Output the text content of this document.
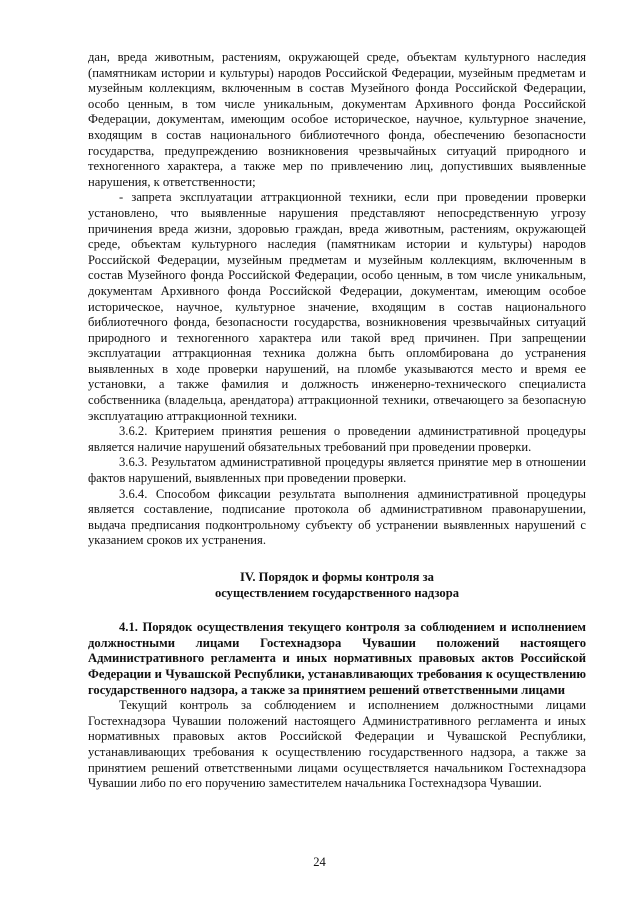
дан, вреда животным, растениям, окружающей среде, объектам культурного наследия (памятникам истории и культуры) народов Российской Федерации, музейным предметам и музейным коллекциям, включенным в состав Музейного фонда Российской Федерации, особо ценным, в том числе уникальным, документам Архивного фонда Российской Федерации, документам, имеющим особое историческое, научное, культурное значение, входящим в состав национального библиотечного фонда, обеспечению безопасности государства, предупреждению возникновения чрезвычайных ситуаций природного и техногенного характера, а также мер по привлечению лиц, допустивших выявленные нарушения, к ответственности;

- запрета эксплуатации аттракционной техники, если при проведении проверки установлено, что выявленные нарушения представляют непосредственную угрозу причинения вреда жизни, здоровью граждан, вреда животным, растениям, окружающей среде, объектам культурного наследия (памятникам истории и культуры) народов Российской Федерации, музейным предметам и музейным коллекциям, включенным в состав Музейного фонда Российской Федерации, особо ценным, в том числе уникальным, документам Архивного фонда Российской Федерации, документам, имеющим особое историческое, научное, культурное значение, входящим в состав национального библиотечного фонда, безопасности государства, возникновения чрезвычайных ситуаций природного и техногенного характера или такой вред причинен. При запрещении эксплуатации аттракционная техника должна быть опломбирована до устранения выявленных в ходе проверки нарушений, на пломбе указываются место и время ее установки, а также фамилия и должность инженерно-технического специалиста собственника (владельца, арендатора) аттракционной техники, отвечающего за безопасную эксплуатацию аттракционной техники.

3.6.2. Критерием принятия решения о проведении административной процедуры является наличие нарушений обязательных требований при проведении проверки.

3.6.3. Результатом административной процедуры является принятие мер в отношении фактов нарушений, выявленных при проведении проверки.

3.6.4. Способом фиксации результата выполнения административной процедуры является составление, подписание протокола об административном правонарушении, выдача предписания подконтрольному субъекту об устранении выявленных нарушений с указанием сроков их устранения.

IV. Порядок и формы контроля за
осуществлением государственного надзора

4.1. Порядок осуществления текущего контроля за соблюдением и исполнением должностными лицами Гостехнадзора Чувашии положений настоящего Административного регламента и иных нормативных правовых актов Российской Федерации и Чувашской Республики, устанавливающих требования к осуществлению государственного надзора, а также за принятием решений ответственными лицами

Текущий контроль за соблюдением и исполнением должностными лицами Гостехнадзора Чувашии положений настоящего Административного регламента и иных нормативных правовых актов Российской Федерации и Чувашской Республики, устанавливающих требования к осуществлению государственного надзора, а также за принятием решений ответственными лицами осуществляется начальником Гостехнадзора Чувашии либо по его поручению заместителем начальника Гостехнадзора Чувашии.

24
